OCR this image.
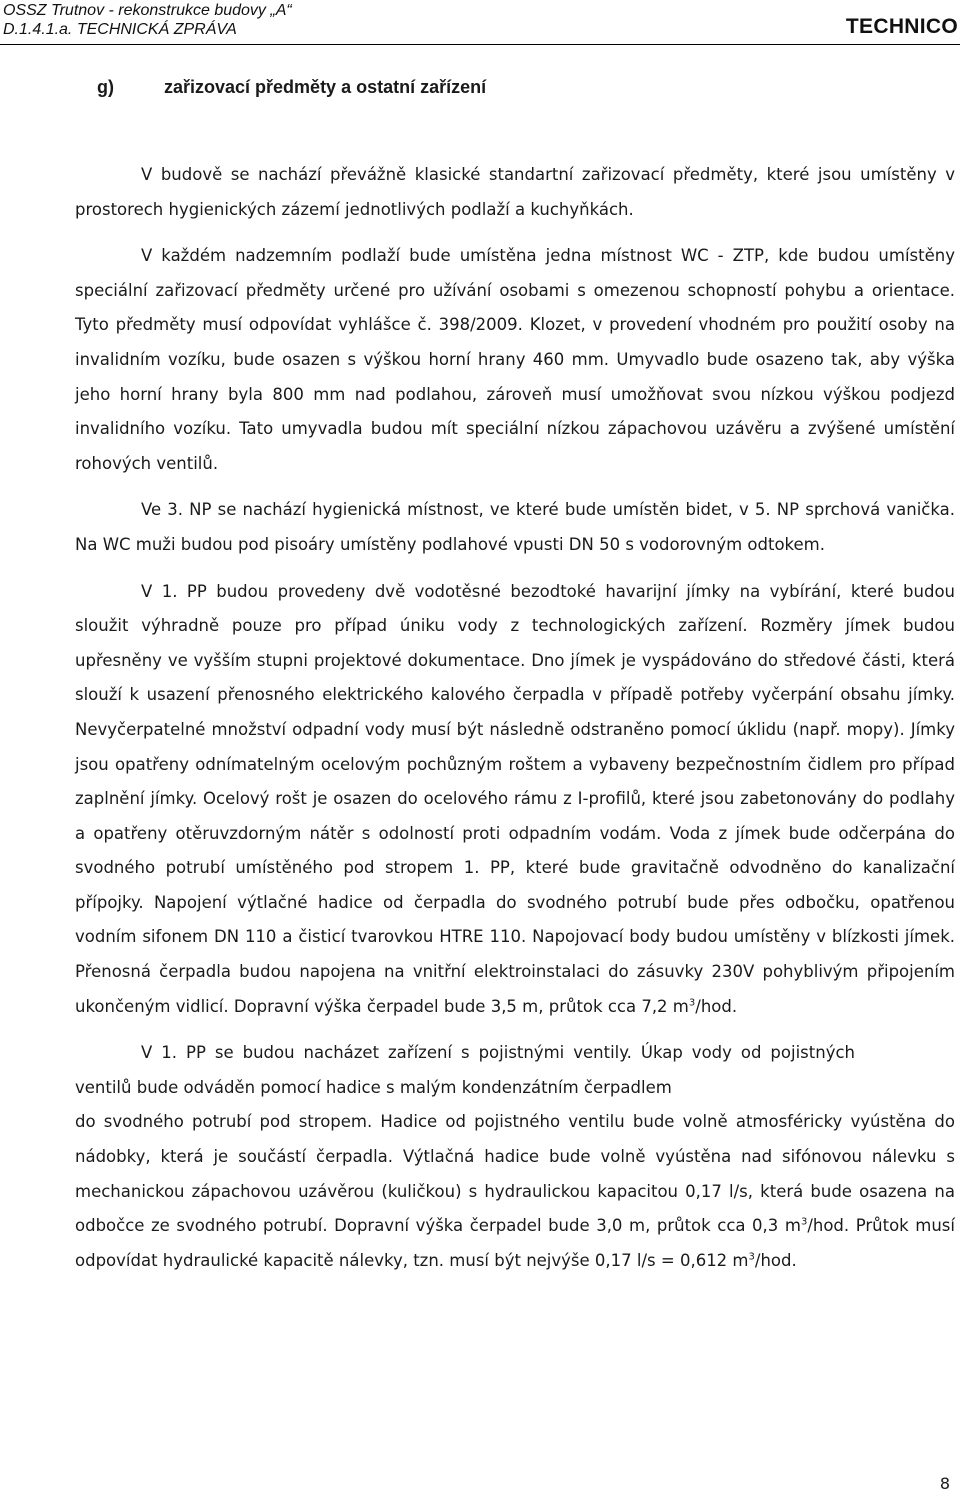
OSSZ Trutnov - rekonstrukce budovy „A“
D.1.4.1.a. TECHNICKÁ ZPRÁVA	TECHNICO
g)	zařizovací předměty a ostatní zařízení

V budově se nachází převážně klasické standartní zařizovací předměty, které jsou umístěny v prostorech hygienických zázemí jednotlivých podlaží a kuchyňkách.

V každém nadzemním podlaží bude umístěna jedna místnost WC - ZTP, kde budou umístěny speciální zařizovací předměty určené pro užívání osobami s omezenou schopností pohybu a orientace. Tyto předměty musí odpovídat vyhlášce č. 398/2009. Klozet, v provedení vhodném pro použití osoby na invalidním vozíku, bude osazen s výškou horní hrany 460 mm. Umyvadlo bude osazeno tak, aby výška jeho horní hrany byla 800 mm nad podlahou, zároveň musí umožňovat svou nízkou výškou podjezd invalidního vozíku. Tato umyvadla budou mít speciální nízkou zápachovou uzávěru a zvýšené umístění rohových ventilů.

Ve 3. NP se nachází hygienická místnost, ve které bude umístěn bidet, v 5. NP sprchová vanička. Na WC muži budou pod pisoáry umístěny podlahové vpusti DN 50 s vodorovným odtokem.

V 1. PP budou provedeny dvě vodotěsné bezodtoké havarijní jímky na vybírání, které budou sloužit výhradně pouze pro případ úniku vody z technologických zařízení. Rozměry jímek budou upřesněny ve vyšším stupni projektové dokumentace. Dno jímek je vyspádováno do středové části, která slouží k usazení přenosného elektrického kalového čerpadla v případě potřeby vyčerpání obsahu jímky. Nevyčerpatelné množství odpadní vody musí být následně odstraněno pomocí úklidu (např. mopy). Jímky jsou opatřeny odnímatelným ocelovým pochůzným roštem a vybaveny bezpečnostním čidlem pro případ zaplnění jímky. Ocelový rošt je osazen do ocelového rámu z I-profilů, které jsou zabetonovány do podlahy a opatřeny otěruvzdorným nátěr s odolností proti odpadním vodám. Voda z jímek bude odčerpána do svodného potrubí umístěného pod stropem 1. PP, které bude gravitačně odvodněno do kanalizační přípojky. Napojení výtlačné hadice od čerpadla do svodného potrubí bude přes odbočku, opatřenou vodním sifonem DN 110 a čisticí tvarovkou HTRE 110. Napojovací body budou umístěny v blízkosti jímek. Přenosná čerpadla budou napojena na vnitřní elektroinstalaci do zásuvky 230V pohyblivým připojením ukončeným vidlicí. Dopravní výška čerpadel bude 3,5 m, průtok cca 7,2 $m^3$/hod.

V 1. PP se budou nacházet zařízení s pojistnými ventily. Úkap vody od pojistných ventilů bude odváděn pomocí hadice s malým kondenzátním čerpadlem

do svodného potrubí pod stropem. Hadice od pojistného ventilu bude volně atmosféricky vyústěna do nádobky, která je součástí čerpadla. Výtlačná hadice bude volně vyústěna nad sifónovou nálevku s mechanickou zápachovou uzávěrou (kuličkou) s hydraulickou kapacitou 0,17 l/s, která bude osazena na odbočce ze svodného potrubí. Dopravní výška čerpadel bude 3,0 m, průtok cca 0,3 $m^3$/hod. Průtok musí odpovídat hydraulické kapacitě nálevky, tzn. musí být nejvýše 0,17 l/s = 0,612 $m^3$/hod.

8
